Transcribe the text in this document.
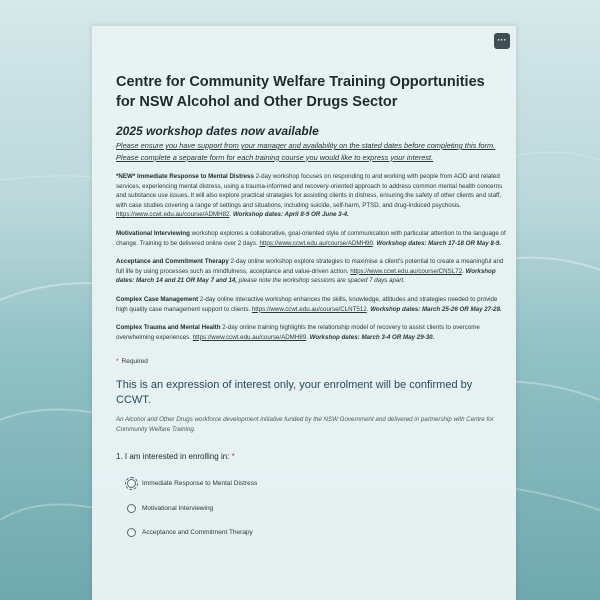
···
Centre for Community Welfare Training Opportunities for NSW Alcohol and Other Drugs Sector
2025 workshop dates now available

Please ensure you have support from your manager and availability on the stated dates before completing this form. Please complete a separate form for each training course you would like to express your interest.

*NEW* Immediate Response to Mental Distress 2-day workshop focuses on responding to and working with people from AOD and related services, experiencing mental distress, using a trauma-informed and recovery-oriented approach to address common mental health concerns and substance use issues. It will also explore practical strategies for assisting clients in distress, ensuring the safety of other clients and staff, with case studies covering a range of settings and situations, including suicide, self-harm, PTSD, and drug-induced psychosis. https://www.ccwt.edu.au/course/ADMH82. Workshop dates: April 8-9 OR June 3-4.

Motivational Interviewing workshop explores a collaborative, goal-oriented style of communication with particular attention to the language of change. Training to be delivered online over 2 days. https://www.ccwt.edu.au/course/ADMH90. Workshop dates: March 17-18 OR May 8-9.

Acceptance and Commitment Therapy 2-day online workshop explore strategies to maximise a client's potential to create a meaningful and full life by using processes such as mindfulness, acceptance and value-driven action. https://www.ccwt.edu.au/course/CNSL72. Workshop dates: March 14 and 21 OR May 7 and 14, please note the workshop sessions are spaced 7 days apart.

Complex Case Management 2-day online interactive workshop enhances the skills, knowledge, attitudes and strategies needed to provide high quality case management support to clients. https://www.ccwt.edu.au/course/CLNT512. Workshop dates: March 25-26 OR May 27-28.

Complex Trauma and Mental Health 2-day online training highlights the relationship model of recovery to assist clients to overcome overwhelming experiences. https://www.ccwt.edu.au/course/ADMH89. Workshop dates: March 3-4 OR May 29-30.

* Required
This is an expression of interest only, your enrolment will be confirmed by CCWT.
An Alcohol and Other Drugs workforce development initiative funded by the NSW Government and delivered in partnership with Centre for Community Welfare Training.
1. I am interested in enrolling in: *
Immediate Response to Mental Distress
Motivational Interviewing
Acceptance and Commitment Therapy
